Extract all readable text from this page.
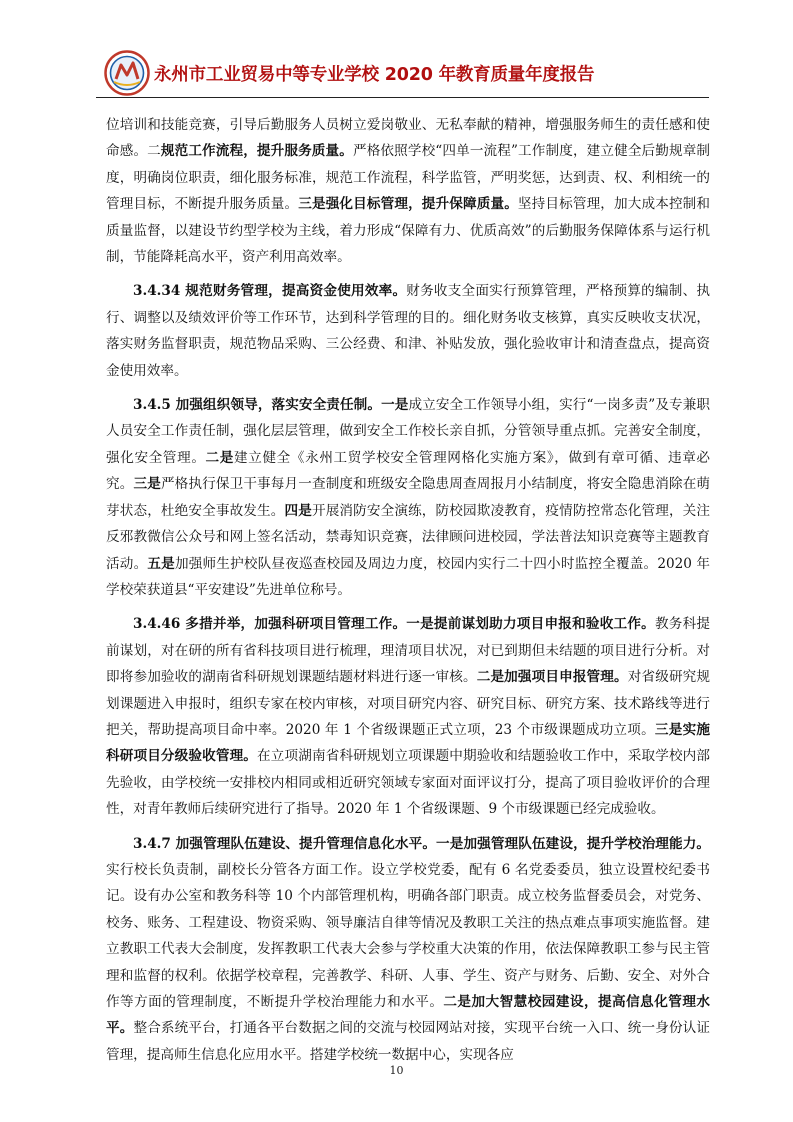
永州市工业贸易中等专业学校 2020 年教育质量年度报告

位培训和技能竞赛，引导后勤服务人员树立爱岗敬业、无私奉献的精神，增强服务师生的责任感和使命感。二规范工作流程，提升服务质量。严格依照学校“四单一流程”工作制度，建立健全后勤规章制度，明确岗位职责，细化服务标准，规范工作流程，科学监管，严明奖惩，达到责、权、利相统一的管理目标，不断提升服务质量。三是强化目标管理，提升保障质量。坚持目标管理，加大成本控制和质量监督，以建设节约型学校为主线，着力形成“保障有力、优质高效”的后勤服务保障体系与运行机制，节能降耗高水平，资产利用高效率。

3.4.34 规范财务管理，提高资金使用效率。财务收支全面实行预算管理，严格预算的编制、执行、调整以及绩效评价等工作环节，达到科学管理的目的。细化财务收支核算，真实反映收支状况，落实财务监督职责，规范物品采购、三公经费、和津、补贴发放，强化验收审计和清查盘点，提高资金使用效率。

3.4.5 加强组织领导，落实安全责任制。一是成立安全工作领导小组，实行“一岗多责”及专兼职人员安全工作责任制，强化层层管理，做到安全工作校长亲自抓，分管领导重点抓。完善安全制度，强化安全管理。二是建立健全《永州工贸学校安全管理网格化实施方案》，做到有章可循、违章必究。三是严格执行保卫干事每月一查制度和班级安全隐患周查周报月小结制度，将安全隐患消除在萌芽状态，杜绝安全事故发生。四是开展消防安全演练，防校园欺凌教育，疫情防控常态化管理，关注反邪教微信公众号和网上签名活动，禁毒知识竞赛，法律顾问进校园，学法普法知识竞赛等主题教育活动。五是加强师生护校队昼夜巡查校园及周边力度，校园内实行二十四小时监控全覆盖。2020 年学校荣获道县“平安建设”先进单位称号。

3.4.46 多措并举，加强科研项目管理工作。一是提前谋划助力项目申报和验收工作。教务科提前谋划，对在研的所有省科技项目进行梳理，理清项目状况，对已到期但未结题的项目进行分析。对即将参加验收的湖南省科研规划课题结题材料进行逐一审核。二是加强项目申报管理。对省级研究规划课题进入申报时，组织专家在校内审核，对项目研究内容、研究目标、研究方案、技术路线等进行把关，帮助提高项目命中率。2020 年 1 个省级课题正式立项，23 个市级课题成功立项。三是实施科研项目分级验收管理。在立项湖南省科研规划立项课题中期验收和结题验收工作中，采取学校内部先验收，由学校统一安排校内相同或相近研究领域专家面对面评议打分，提高了项目验收评价的合理性，对青年教师后续研究进行了指导。2020 年 1 个省级课题、9 个市级课题已经完成验收。

3.4.7 加强管理队伍建设、提升管理信息化水平。一是加强管理队伍建设，提升学校治理能力。实行校长负责制，副校长分管各方面工作。设立学校党委，配有 6 名党委委员，独立设置校纪委书记。设有办公室和教务科等 10 个内部管理机构，明确各部门职责。成立校务监督委员会，对党务、校务、账务、工程建设、物资采购、领导廉洁自律等情况及教职工关注的热点难点事项实施监督。建立教职工代表大会制度，发挥教职工代表大会参与学校重大决策的作用，依法保障教职工参与民主管理和监督的权利。依据学校章程，完善教学、科研、人事、学生、资产与财务、后勤、安全、对外合作等方面的管理制度，不断提升学校治理能力和水平。二是加大智慧校园建设，提高信息化管理水平。整合系统平台，打通各平台数据之间的交流与校园网站对接，实现平台统一入口、统一身份认证管理，提高师生信息化应用水平。搭建学校统一数据中心，实现各应

10
